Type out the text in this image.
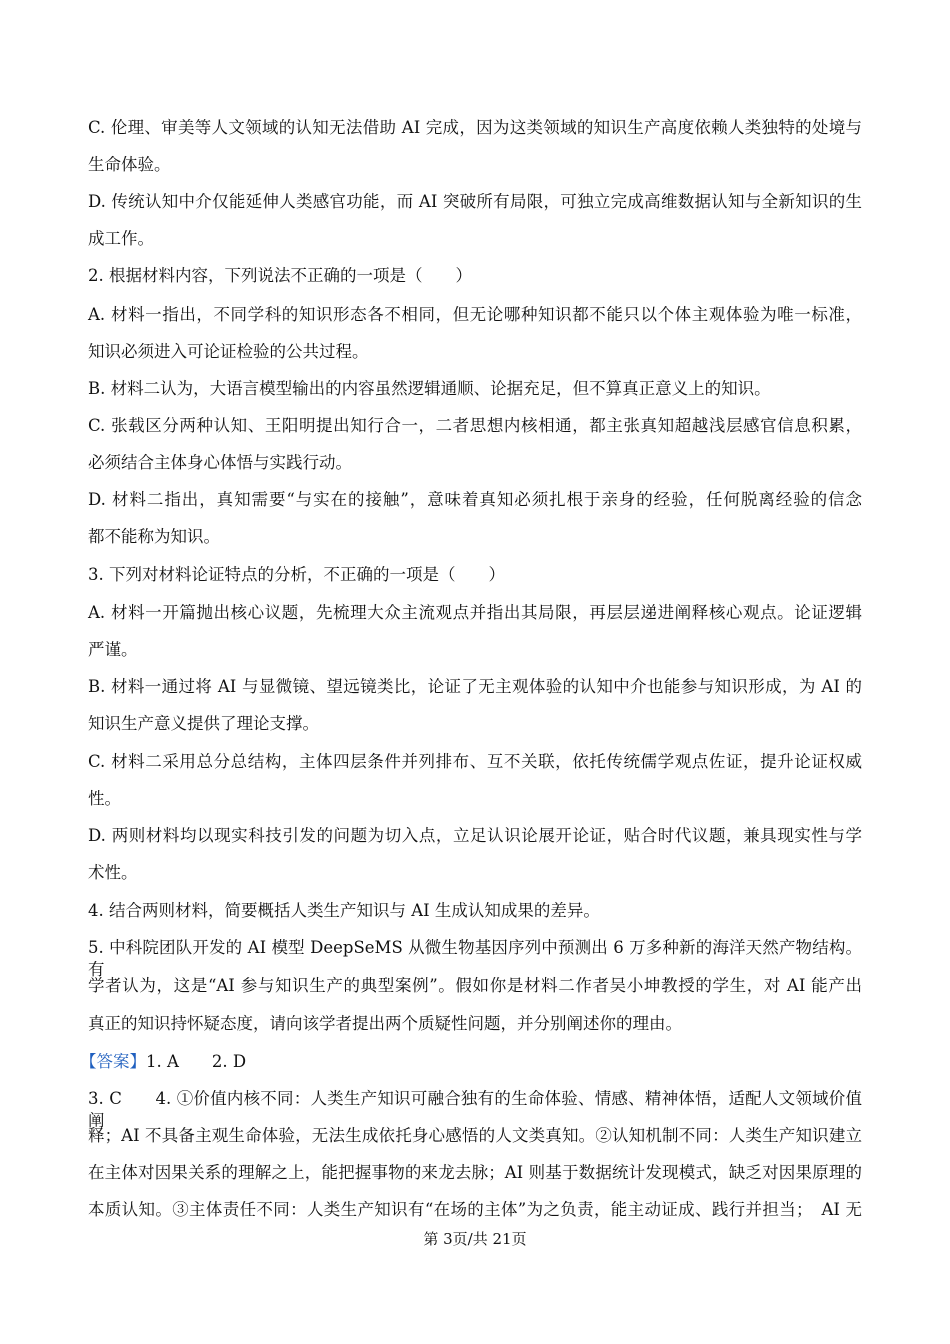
C. 伦理、审美等人文领域的认知无法借助 AI 完成，因为这类领域的知识生产高度依赖人类独特的处境与
生命体验。
D. 传统认知中介仅能延伸人类感官功能，而 AI 突破所有局限，可独立完成高维数据认知与全新知识的生
成工作。
2. 根据材料内容，下列说法不正确的一项是（　　）
A. 材料一指出，不同学科的知识形态各不相同，但无论哪种知识都不能只以个体主观体验为唯一标准，
知识必须进入可论证检验的公共过程。
B. 材料二认为，大语言模型输出的内容虽然逻辑通顺、论据充足，但不算真正意义上的知识。
C. 张载区分两种认知、王阳明提出知行合一，二者思想内核相通，都主张真知超越浅层感官信息积累，
必须结合主体身心体悟与实践行动。
D. 材料二指出，真知需要“与实在的接触”，意味着真知必须扎根于亲身的经验，任何脱离经验的信念
都不能称为知识。
3. 下列对材料论证特点的分析，不正确的一项是（　　）
A. 材料一开篇抛出核心议题，先梳理大众主流观点并指出其局限，再层层递进阐释核心观点。论证逻辑
严谨。
B. 材料一通过将 AI 与显微镜、望远镜类比，论证了无主观体验的认知中介也能参与知识形成，为 AI 的
知识生产意义提供了理论支撑。
C. 材料二采用总分总结构，主体四层条件并列排布、互不关联，依托传统儒学观点佐证，提升论证权威
性。
D. 两则材料均以现实科技引发的问题为切入点，立足认识论展开论证，贴合时代议题，兼具现实性与学
术性。
4. 结合两则材料，简要概括人类生产知识与 AI 生成认知成果的差异。
5. 中科院团队开发的 AI 模型 DeepSeMS 从微生物基因序列中预测出 6 万多种新的海洋天然产物结构。有
学者认为，这是“AI 参与知识生产的典型案例”。假如你是材料二作者吴小坤教授的学生，对 AI 能产出
真正的知识持怀疑态度，请向该学者提出两个质疑性问题，并分别阐述你的理由。
【答案】1. A　　2. D
3. C　　4. ①价值内核不同：人类生产知识可融合独有的生命体验、情感、精神体悟，适配人文领域价值阐
释；AI 不具备主观生命体验，无法生成依托身心感悟的人文类真知。②认知机制不同：人类生产知识建立
在主体对因果关系的理解之上，能把握事物的来龙去脉；AI 则基于数据统计发现模式，缺乏对因果原理的
本质认知。③主体责任不同：人类生产知识有“在场的主体”为之负责，能主动证成、践行并担当；　AI 无
第 3页/共 21页
